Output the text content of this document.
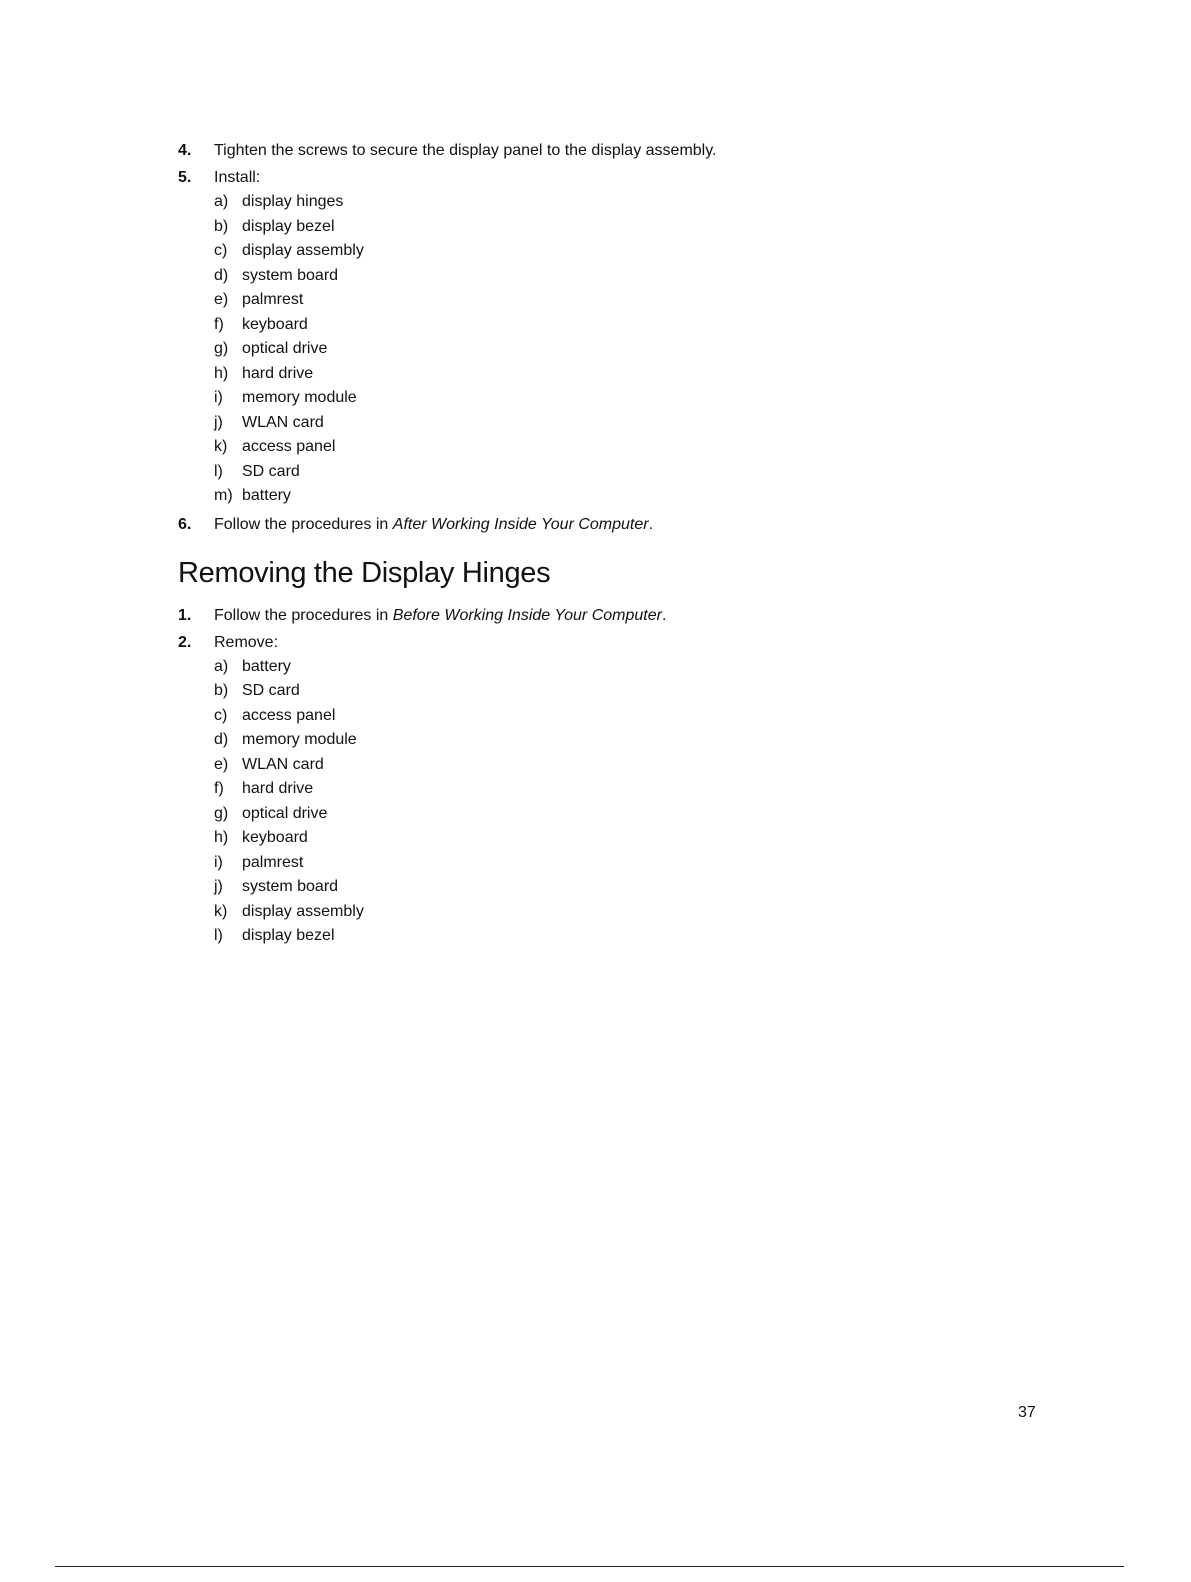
4.	Tighten the screws to secure the display panel to the display assembly.
5.	Install:
a) display hinges
b) display bezel
c) display assembly
d) system board
e) palmrest
f)	keyboard
g) optical drive
h) hard drive
i)	memory module
j)	WLAN card
k) access panel
l)	SD card
m) battery
6.	Follow the procedures in After Working Inside Your Computer.
Removing the Display Hinges
1.	Follow the procedures in Before Working Inside Your Computer.
2.	Remove:
a) battery
b) SD card
c) access panel
d) memory module
e) WLAN card
f)	hard drive
g) optical drive
h) keyboard
i)	palmrest
j)	system board
k) display assembly
l)	display bezel
37
